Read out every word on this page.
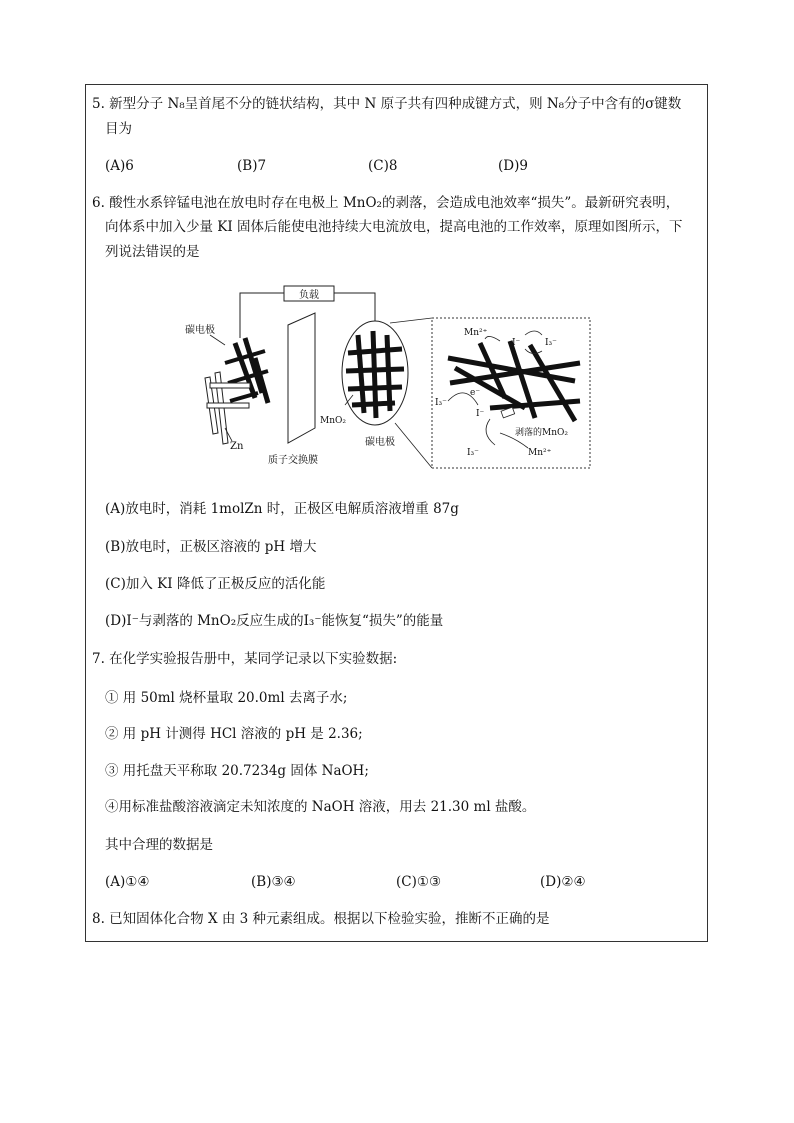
5. 新型分子 N₈呈首尾不分的链状结构，其中 N 原子共有四种成键方式，则 N₈分子中含有的σ键数
目为
(A)6	(B)7	(C)8	(D)9
6. 酸性水系锌锰电池在放电时存在电极上 MnO₂的剥落，会造成电池效率“损失”。最新研究表明，
向体系中加入少量 KI 固体后能使电池持续大电流放电，提高电池的工作效率，原理如图所示，下
列说法错误的是
负载
碳电极
Zn
质子交换膜
MnO₂
碳电极
Mn²⁺
I⁻	I₃⁻
I₃⁻
e⁻
I⁻
剥落的MnO₂
I₃⁻	Mn²⁺
(A)放电时，消耗 1molZn 时，正极区电解质溶液增重 87g
(B)放电时，正极区溶液的 pH 增大
(C)加入 KI 降低了正极反应的活化能
(D)I⁻与剥落的 MnO₂反应生成的I₃⁻能恢复“损失”的能量
7. 在化学实验报告册中，某同学记录以下实验数据:
① 用 50ml 烧杯量取 20.0ml 去离子水;
② 用 pH 计测得 HCl 溶液的 pH 是 2.36;
③ 用托盘天平称取 20.7234g 固体 NaOH;
④用标准盐酸溶液滴定未知浓度的 NaOH 溶液，用去 21.30 ml 盐酸。
其中合理的数据是
(A)①④	(B)③④	(C)①③	(D)②④
8. 已知固体化合物 X 由 3 种元素组成。根据以下检验实验，推断不正确的是
